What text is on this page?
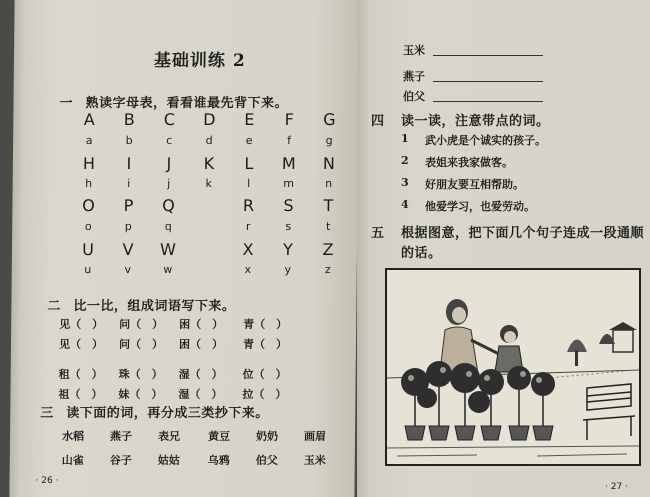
基础训练 2
一 熟读字母表，看看谁最先背下来。
A
H
O
U
a
h
o
u
B
I
P
V
b
i
p
v
C
J
Q
W
c
j
q
w
D
K
d
k
E
L
R
X
e
l
r
x
F
M
S
Y
f
m
s
y
G
N
T
Z
g
n
t
z
二 比一比，组成词语写下来。
见（　） 问（　） 困（　） 青（　）
见（　） 问（　） 困（　） 青（　）
租（　） 珠（　） 湿（　） 位（　）
祖（　） 妹（　） 湿（　） 拉（　）
三 读下面的词，再分成三类抄下来。
水稻 燕子 表兄	黄豆 奶奶 画眉
山雀 谷子 姑姑	乌鸦 伯父 玉米
· 26 ·
玉米
燕子
伯父
四 读一读，注意带点的词。
1 武小虎是个诚实的孩子。
2 表姐来我家做客。
3 好朋友要互相帮助。
4 他爱学习，也爱劳动。
五 根据图意，把下面几个句子连成一段通顺
的话。
· 27 ·
